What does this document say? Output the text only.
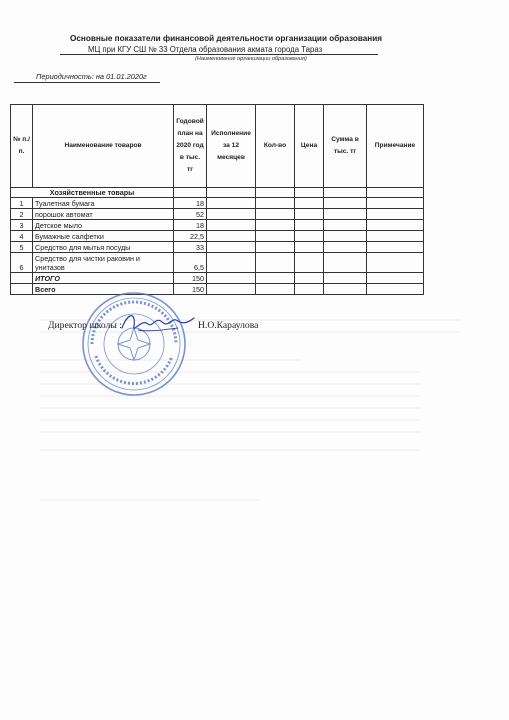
Основные показатели финансовой деятельности организации образования
МЦ при КГУ СШ № 33 Отдела образования акмата города Тараз
(Наименование организации образования)
Периодичность: на 01.01.2020г
№ п./п.	Наименование товаров	Годовой план на 2020 год в тыс. тг	Исполнение за 12 месяцев	Кол-во	Цена	Сумма в тыс. тг	Примечание
Хозяйственные товары							
1	Туалетная бумага	18					
2	порошок автомат	52					
3	Детское мыло	18					
4	Бумажные салфетки	22,5					
5	Средство для мытья посуды	33					
6	Средство для чистки раковин и унитазов	6,5					
	ИТОГО	150					
	Всего	150					
Директор школы :	Н.О.Караулова
